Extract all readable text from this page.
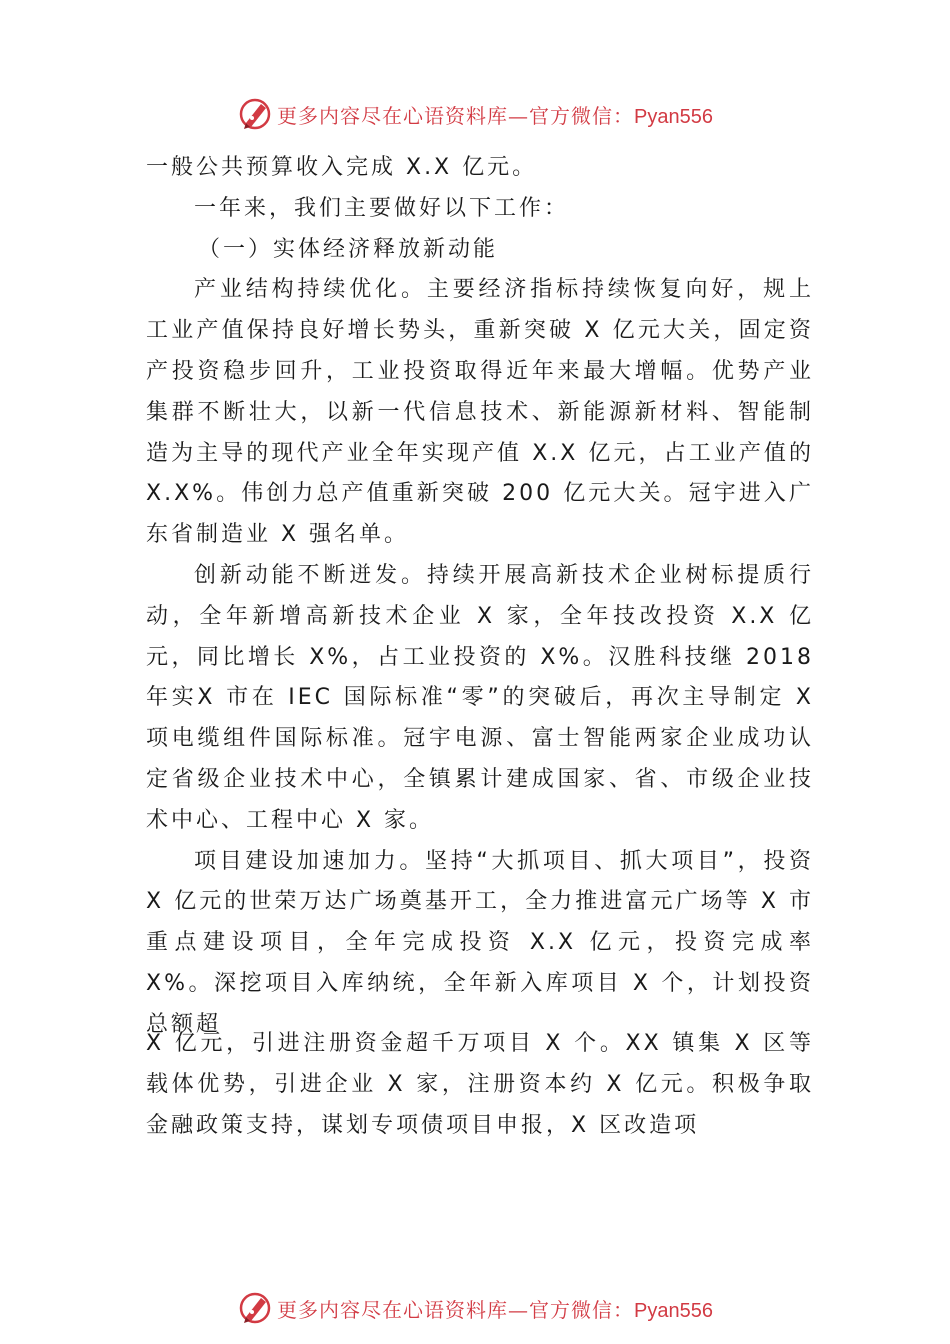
更多内容尽在心语资料库—官方微信：Pyan556

一般公共预算收入完成 X.X 亿元。

一年来，我们主要做好以下工作：

（一）实体经济释放新动能

产业结构持续优化。主要经济指标持续恢复向好，规上工业产值保持良好增长势头，重新突破 X 亿元大关，固定资产投资稳步回升，工业投资取得近年来最大增幅。优势产业集群不断壮大，以新一代信息技术、新能源新材料、智能制造为主导的现代产业全年实现产值 X.X 亿元，占工业产值的 X.X%。伟创力总产值重新突破 200 亿元大关。冠宇进入广东省制造业 X 强名单。

创新动能不断迸发。持续开展高新技术企业树标提质行动，全年新增高新技术企业 X 家，全年技改投资 X.X 亿元，同比增长 X%，占工业投资的 X%。汉胜科技继 2018 年实X 市在 IEC 国际标准“零”的突破后，再次主导制定 X 项电缆组件国际标准。冠宇电源、富士智能两家企业成功认定省级企业技术中心，全镇累计建成国家、省、市级企业技术中心、工程中心 X 家。

项目建设加速加力。坚持“大抓项目、抓大项目”，投资X 亿元的世荣万达广场奠基开工，全力推进富元广场等 X 市重点建设项目，全年完成投资 X.X 亿元，投资完成率 X%。深挖项目入库纳统，全年新入库项目 X 个，计划投资总额超

X 亿元，引进注册资金超千万项目 X 个。XX 镇集 X 区等载体优势，引进企业 X 家，注册资本约 X 亿元。积极争取金融政策支持，谋划专项债项目申报，X 区改造项

更多内容尽在心语资料库—官方微信：Pyan556
